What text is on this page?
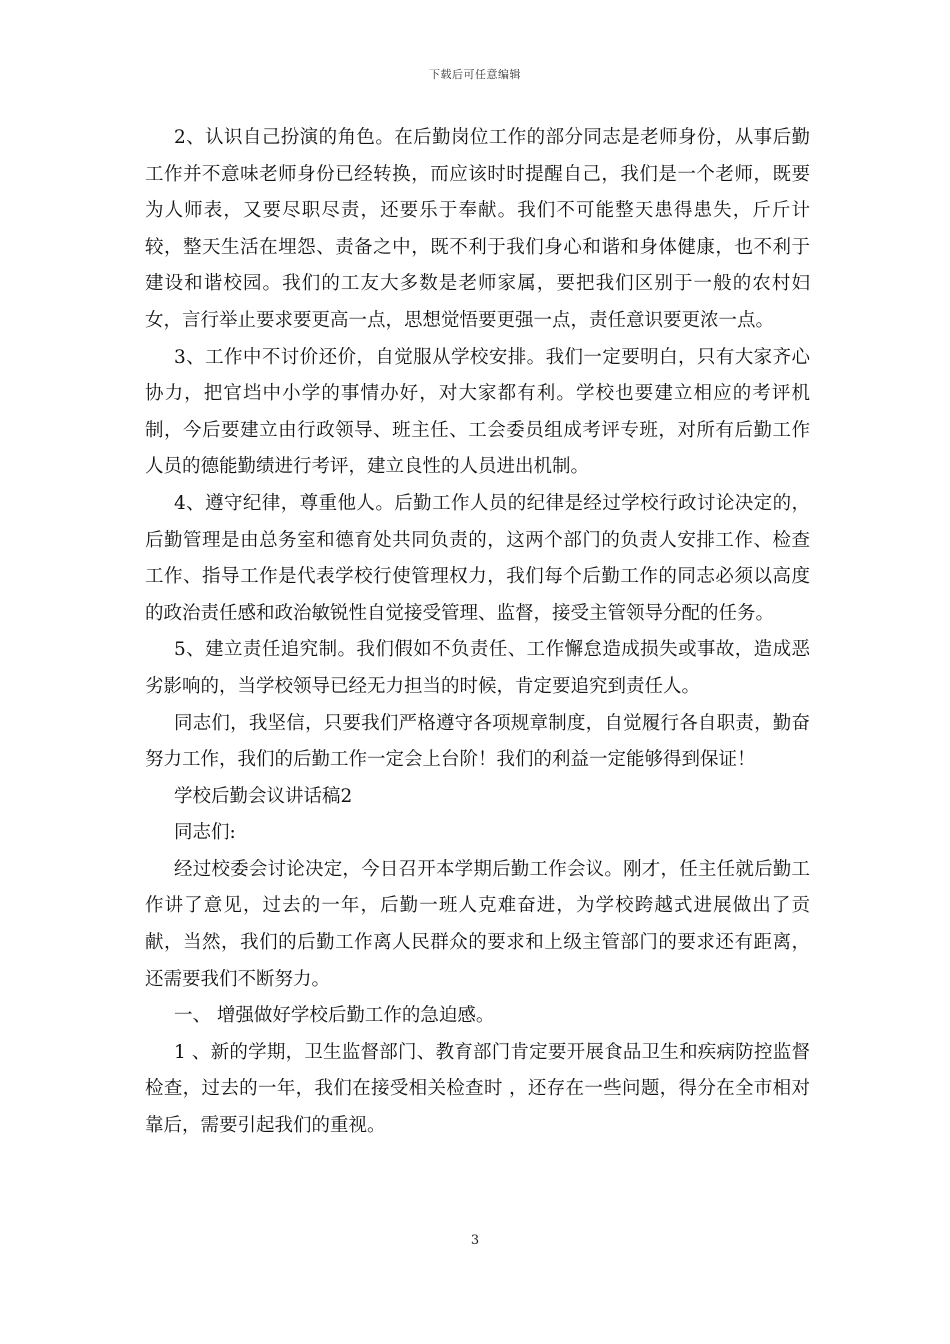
下载后可任意编辑

2、认识自己扮演的角色。在后勤岗位工作的部分同志是老师身份，从事后勤工作并不意味老师身份已经转换，而应该时时提醒自己，我们是一个老师，既要为人师表，又要尽职尽责，还要乐于奉献。我们不可能整天患得患失，斤斤计较，整天生活在埋怨、责备之中，既不利于我们身心和谐和身体健康，也不利于建设和谐校园。我们的工友大多数是老师家属，要把我们区别于一般的农村妇女，言行举止要求要更高一点，思想觉悟要更强一点，责任意识要更浓一点。

3、工作中不讨价还价，自觉服从学校安排。我们一定要明白，只有大家齐心协力，把官垱中小学的事情办好，对大家都有利。学校也要建立相应的考评机制，今后要建立由行政领导、班主任、工会委员组成考评专班，对所有后勤工作人员的德能勤绩进行考评，建立良性的人员进出机制。

4、遵守纪律，尊重他人。后勤工作人员的纪律是经过学校行政讨论决定的，后勤管理是由总务室和德育处共同负责的，这两个部门的负责人安排工作、检查工作、指导工作是代表学校行使管理权力，我们每个后勤工作的同志必须以高度的政治责任感和政治敏锐性自觉接受管理、监督，接受主管领导分配的任务。

5、建立责任追究制。我们假如不负责任、工作懈怠造成损失或事故，造成恶劣影响的，当学校领导已经无力担当的时候，肯定要追究到责任人。

同志们，我坚信，只要我们严格遵守各项规章制度，自觉履行各自职责，勤奋努力工作，我们的后勤工作一定会上台阶！我们的利益一定能够得到保证！

学校后勤会议讲话稿2

同志们:

经过校委会讨论决定，今日召开本学期后勤工作会议。刚才，任主任就后勤工作讲了意见，过去的一年，后勤一班人克难奋进，为学校跨越式进展做出了贡献，当然，我们的后勤工作离人民群众的要求和上级主管部门的要求还有距离，还需要我们不断努力。

一、 增强做好学校后勤工作的急迫感。

1 、新的学期，卫生监督部门、教育部门肯定要开展食品卫生和疾病防控监督检查，过去的一年，我们在接受相关检查时 ，还存在一些问题，得分在全市相对靠后，需要引起我们的重视。

3
